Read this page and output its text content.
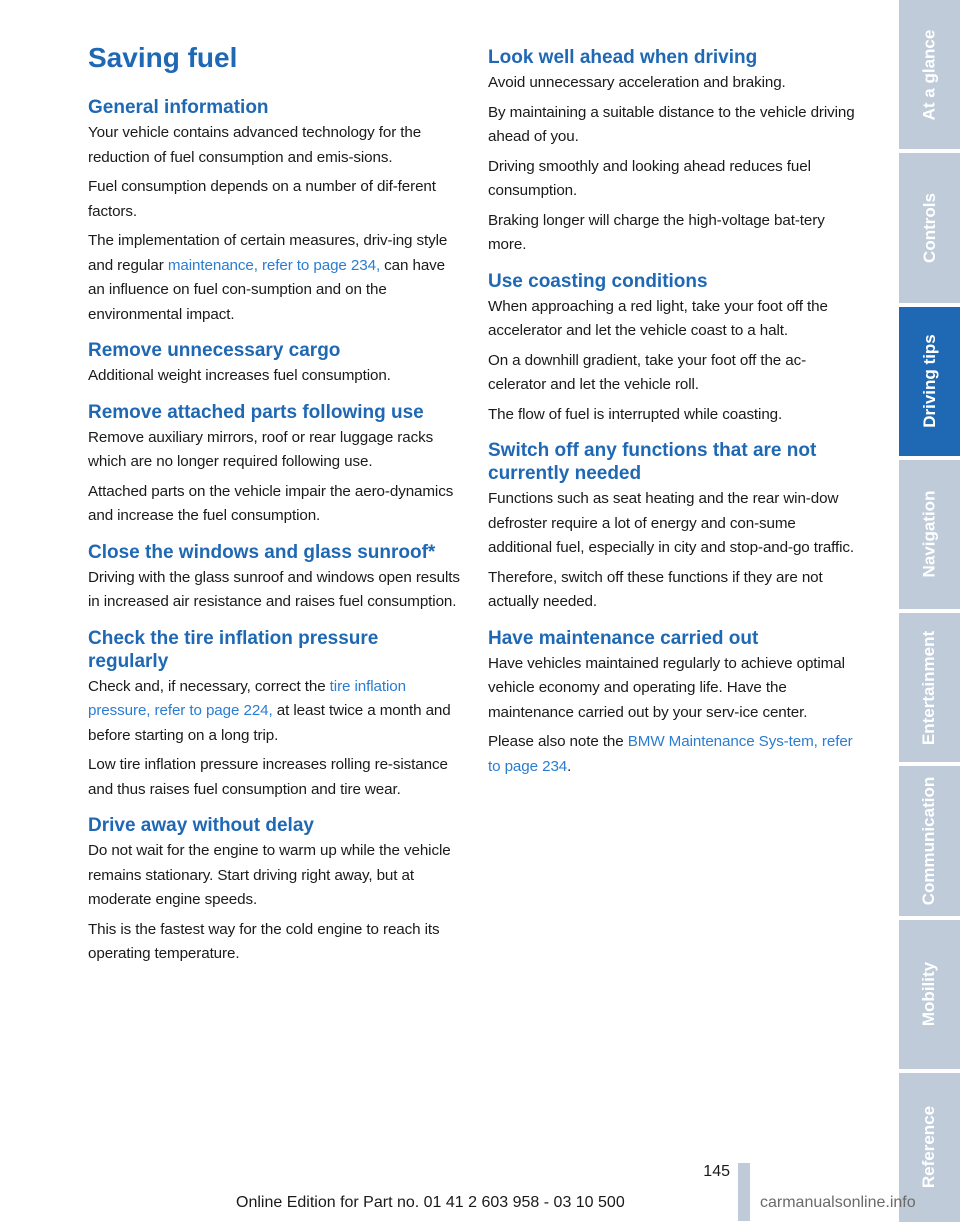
Saving fuel
General information

Your vehicle contains advanced technology for the reduction of fuel consumption and emis-sions.

Fuel consumption depends on a number of dif-ferent factors.

The implementation of certain measures, driv-ing style and regular maintenance, refer to page 234, can have an influence on fuel con-sumption and on the environmental impact.

Remove unnecessary cargo

Additional weight increases fuel consumption.

Remove attached parts following use

Remove auxiliary mirrors, roof or rear luggage racks which are no longer required following use.

Attached parts on the vehicle impair the aero-dynamics and increase the fuel consumption.

Close the windows and glass sunroof*

Driving with the glass sunroof and windows open results in increased air resistance and raises fuel consumption.

Check the tire inflation pressure regularly

Check and, if necessary, correct the tire inflation pressure, refer to page 224, at least twice a month and before starting on a long trip.

Low tire inflation pressure increases rolling re-sistance and thus raises fuel consumption and tire wear.

Drive away without delay

Do not wait for the engine to warm up while the vehicle remains stationary. Start driving right away, but at moderate engine speeds.

This is the fastest way for the cold engine to reach its operating temperature.

Look well ahead when driving

Avoid unnecessary acceleration and braking.

By maintaining a suitable distance to the vehicle driving ahead of you.

Driving smoothly and looking ahead reduces fuel consumption.

Braking longer will charge the high-voltage bat-tery more.

Use coasting conditions

When approaching a red light, take your foot off the accelerator and let the vehicle coast to a halt.

On a downhill gradient, take your foot off the ac-celerator and let the vehicle roll.

The flow of fuel is interrupted while coasting.

Switch off any functions that are not currently needed

Functions such as seat heating and the rear win-dow defroster require a lot of energy and con-sume additional fuel, especially in city and stop-and-go traffic.

Therefore, switch off these functions if they are not actually needed.

Have maintenance carried out

Have vehicles maintained regularly to achieve optimal vehicle economy and operating life. Have the maintenance carried out by your serv-ice center.

Please also note the BMW Maintenance Sys-tem, refer to page 234.

At a glance
Controls
Driving tips
Navigation
Entertainment
Communication
Mobility
Reference
145
Online Edition for Part no. 01 41 2 603 958 - 03 10 500	carmanualsonline.info
